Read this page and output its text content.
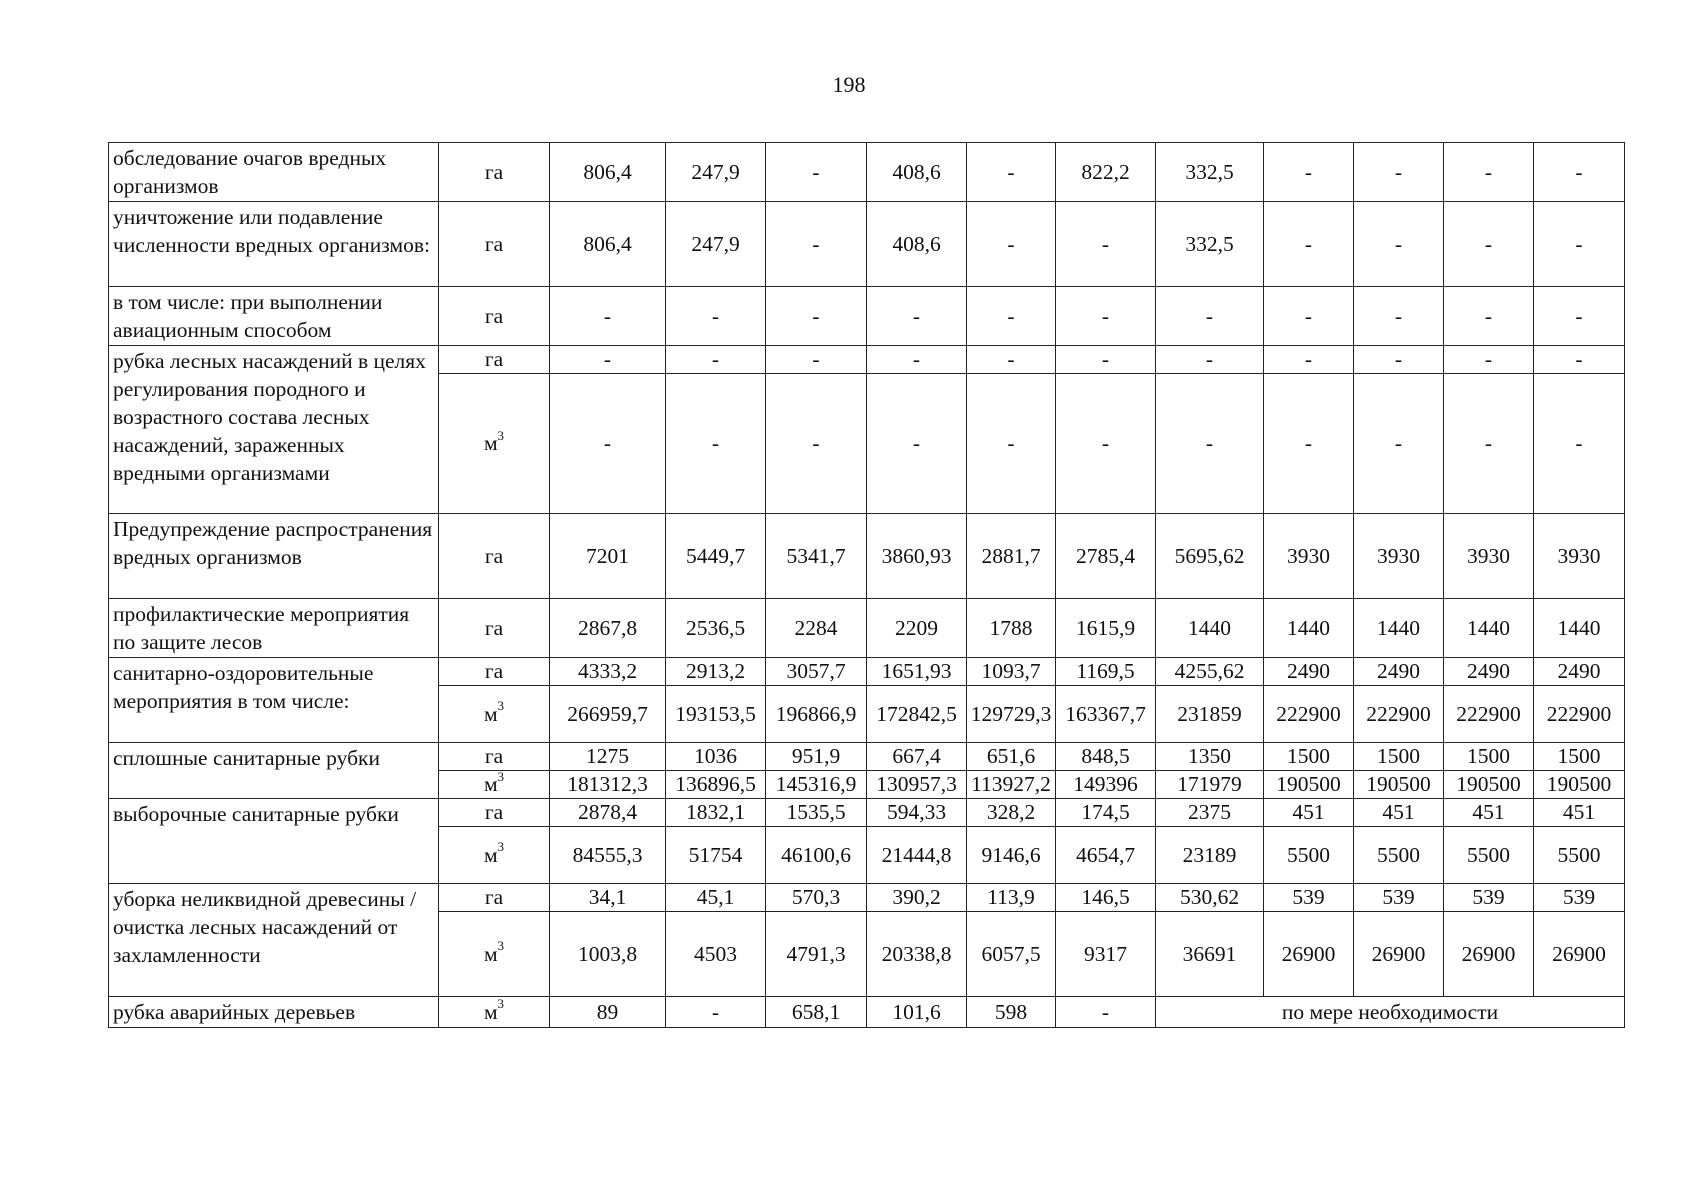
198
обследование очагов вредных организмов	га	806,4	247,9	-	408,6	-	822,2	332,5	-	-	-	-
уничтожение или подавление численности вредных организмов:	га	806,4	247,9	-	408,6	-	-	332,5	-	-	-	-
в том числе: при выполнении авиационным способом	га	-	-	-	-	-	-	-	-	-	-	-
рубка лесных насаждений в целях регулирования породного и возрастного состава лесных насаждений, зараженных вредными организмами	га	-	-	-	-	-	-	-	-	-	-	-
	$м^3$	-	-	-	-	-	-	-	-	-	-	-
Предупреждение распространения вредных организмов	га	7201	5449,7	5341,7	3860,93	2881,7	2785,4	5695,62	3930	3930	3930	3930
профилактические мероприятия по защите лесов	га	2867,8	2536,5	2284	2209	1788	1615,9	1440	1440	1440	1440	1440
санитарно-оздоровительные мероприятия в том числе:	га	4333,2	2913,2	3057,7	1651,93	1093,7	1169,5	4255,62	2490	2490	2490	2490
	$м^3$	266959,7	193153,5	196866,9	172842,5	129729,3	163367,7	231859	222900	222900	222900	222900
сплошные санитарные рубки	га	1275	1036	951,9	667,4	651,6	848,5	1350	1500	1500	1500	1500
	$м^3$	181312,3	136896,5	145316,9	130957,3	113927,2	149396	171979	190500	190500	190500	190500
выборочные санитарные рубки	га	2878,4	1832,1	1535,5	594,33	328,2	174,5	2375	451	451	451	451
	$м^3$	84555,3	51754	46100,6	21444,8	9146,6	4654,7	23189	5500	5500	5500	5500
уборка неликвидной древесины / очистка лесных насаждений от захламленности	га	34,1	45,1	570,3	390,2	113,9	146,5	530,62	539	539	539	539
	$м^3$	1003,8	4503	4791,3	20338,8	6057,5	9317	36691	26900	26900	26900	26900
рубка аварийных деревьев	$м^3$	89	-	658,1	101,6	598	-	по мере необходимости				
